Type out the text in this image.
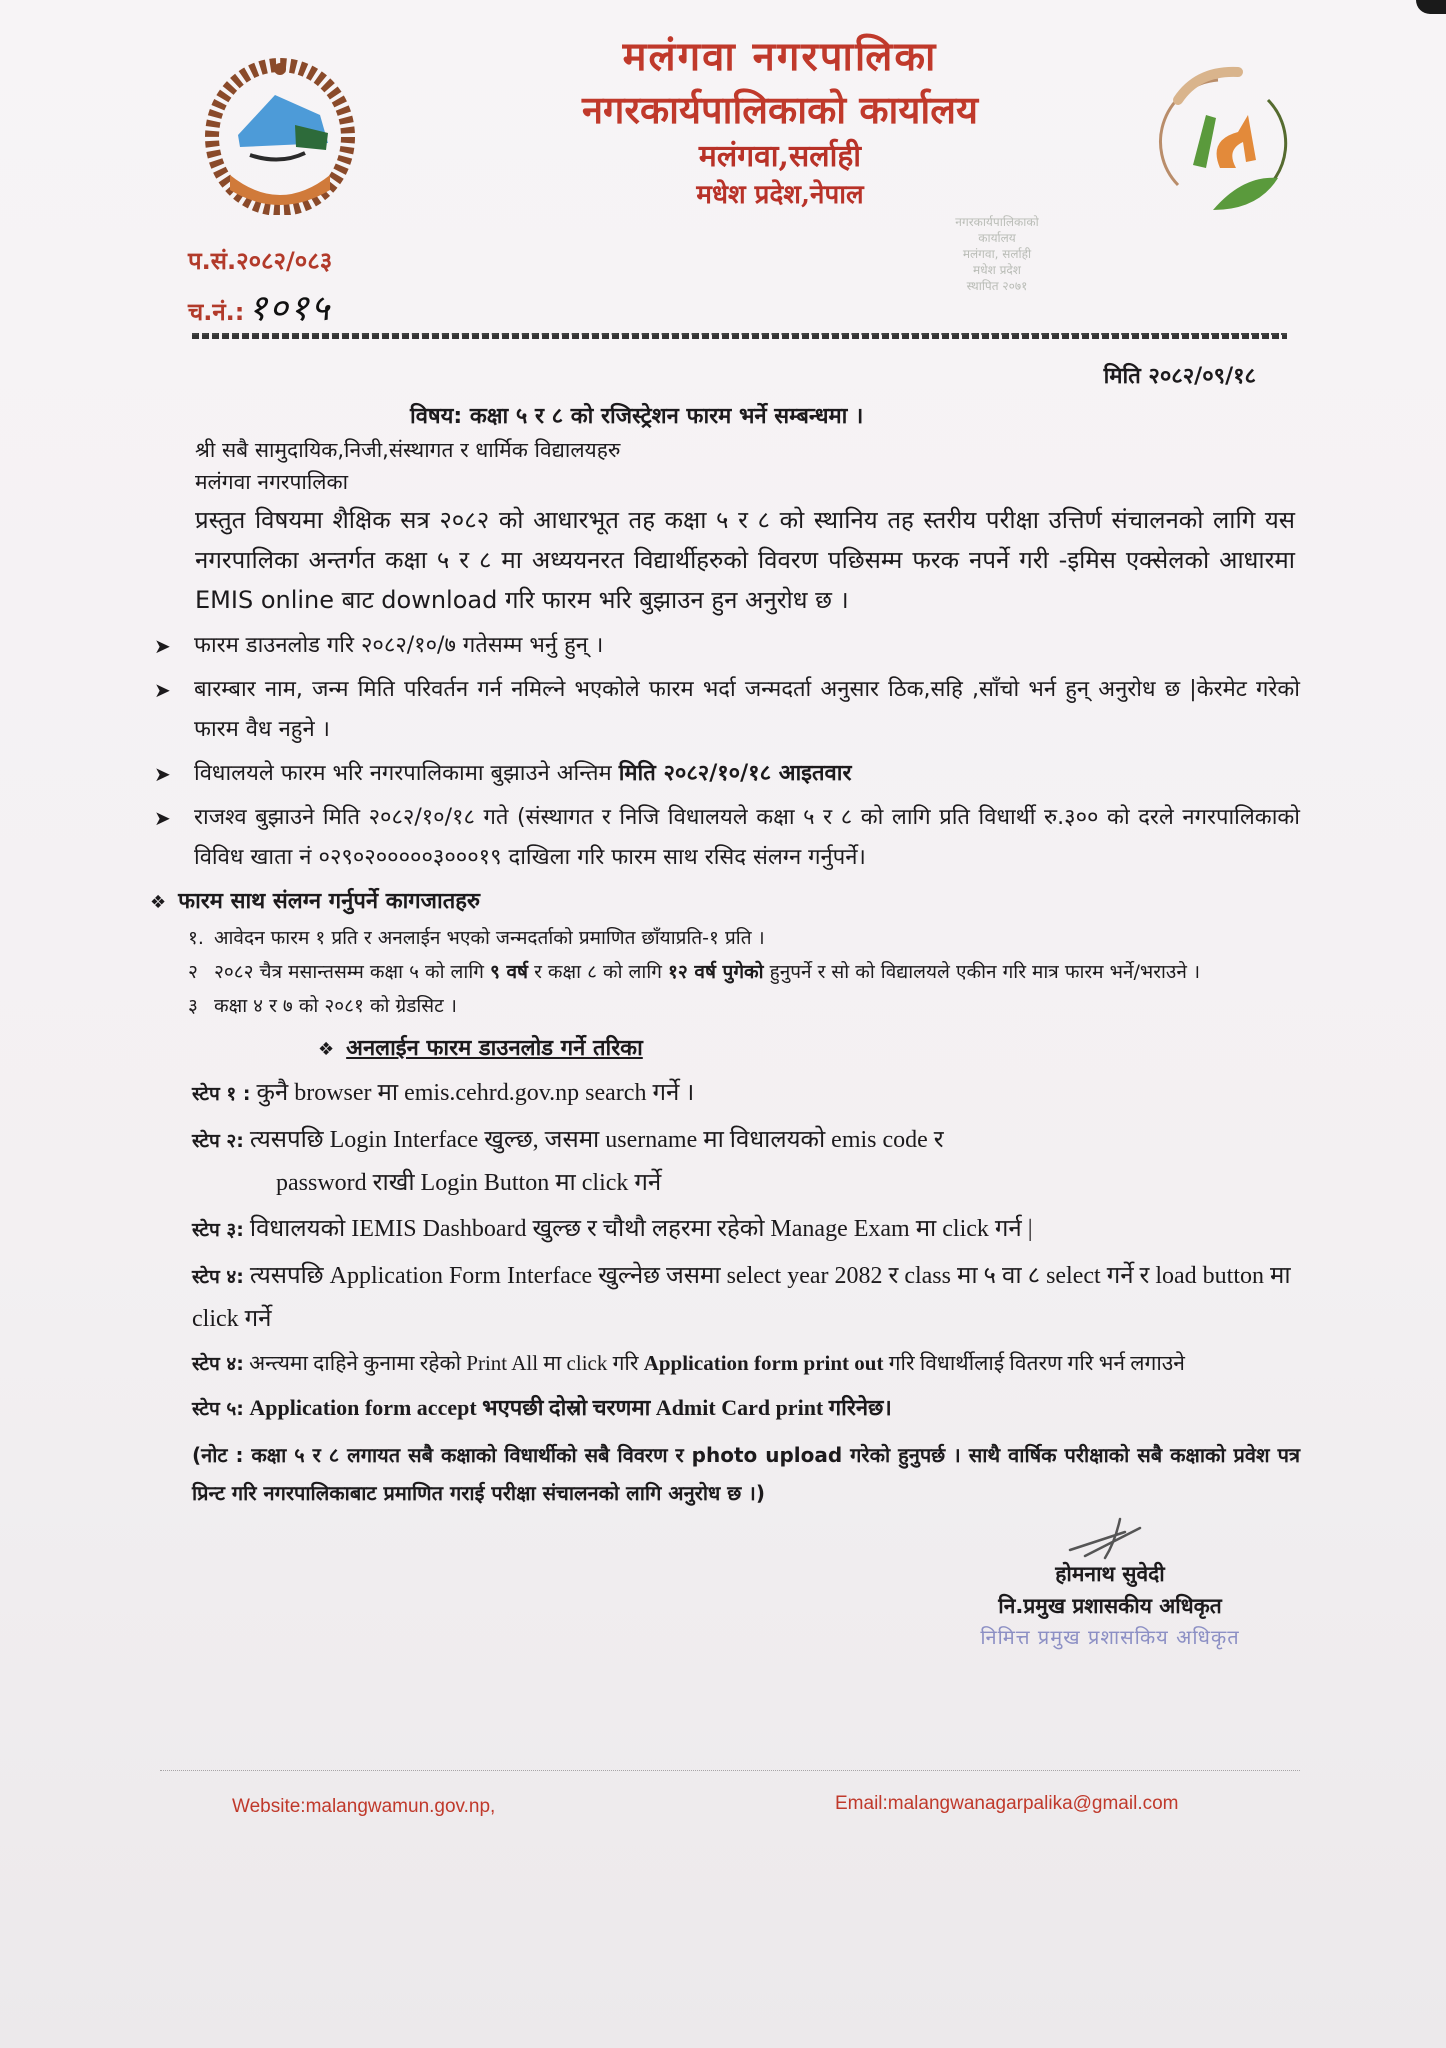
मलंगवा नगरपालिका
नगरकार्यपालिकाको कार्यालय
मलंगवा,सर्लाही
मधेश प्रदेश,नेपाल
नगरकार्यपालिकाको
कार्यालय
मलंगवा, सर्लाही
मधेश प्रदेश
स्थापित २०७१
प.सं.२०८२/०८३
च.नं.: १०१५
मिति २०८२/०९/१८
विषय: कक्षा ५ र ८ को रजिस्ट्रेशन फारम भर्ने सम्बन्धमा ।
श्री सबै सामुदायिक,निजी,संस्थागत र धार्मिक विद्यालयहरु
मलंगवा नगरपालिका
प्रस्तुत विषयमा शैक्षिक सत्र २०८२ को आधारभूत तह कक्षा ५ र ८ को स्थानिय तह स्तरीय परीक्षा उत्तिर्ण संचालनको लागि यस नगरपालिका अन्तर्गत कक्षा ५ र ८ मा अध्ययनरत विद्यार्थीहरुको विवरण पछिसम्म फरक नपर्ने गरी -इमिस एक्सेलको आधारमा EMIS online बाट download गरि फारम भरि बुझाउन हुन अनुरोध छ ।
➤ फारम डाउनलोड गरि २०८२/१०/७ गतेसम्म भर्नु हुन् ।
➤ बारम्बार नाम, जन्म मिति परिवर्तन गर्न नमिल्ने भएकोले फारम भर्दा जन्मदर्ता अनुसार ठिक,सहि ,साँचो भर्न हुन् अनुरोध छ |केरमेट गरेको फारम वैध नहुने ।
➤ विधालयले फारम भरि नगरपालिकामा बुझाउने अन्तिम मिति २०८२/१०/१८ आइतवार
➤ राजश्व बुझाउने मिति २०८२/१०/१८ गते (संस्थागत र निजि विधालयले कक्षा ५ र ८ को लागि प्रति विधार्थी रु.३०० को दरले नगरपालिकाको विविध खाता नं ०२९०२०००००३०००१९ दाखिला गरि फारम साथ रसिद संलग्न गर्नुपर्ने।
❖ फारम साथ संलग्न गर्नुपर्ने कागजातहरु
१. आवेदन फारम १ प्रति र अनलाईन भएको जन्मदर्ताको प्रमाणित छाँयाप्रति-१ प्रति ।
२ २०८२ चैत्र मसान्तसम्म कक्षा ५ को लागि ९ वर्ष र कक्षा ८ को लागि १२ वर्ष पुगेको हुनुपर्ने र सो को विद्यालयले एकीन गरि मात्र फारम भर्ने/भराउने ।
३ कक्षा ४ र ७ को २०८१ को ग्रेडसिट ।
❖ अनलाईन फारम डाउनलोड गर्ने तरिका
स्टेप १ : कुनै browser मा emis.cehrd.gov.np search गर्ने ।
स्टेप २: त्यसपछि Login Interface खुल्छ, जसमा username मा विधालयको emis code र
password राखी Login Button मा click गर्ने
स्टेप ३: विधालयको IEMIS Dashboard खुल्छ र चौथौ लहरमा रहेको Manage Exam मा click गर्न |
स्टेप ४: त्यसपछि Application Form Interface खुल्नेछ जसमा select year 2082 र class मा ५ वा ८ select गर्ने र load button मा click गर्ने
स्टेप ४: अन्त्यमा दाहिने कुनामा रहेको Print All मा click गरि Application form print out गरि विधार्थीलाई वितरण गरि भर्न लगाउने
स्टेप ५: Application form accept भएपछी दोस्रो चरणमा Admit Card print गरिनेछ।
(नोट : कक्षा ५ र ८ लगायत सबै कक्षाको विधार्थीको सबै विवरण र photo upload गरेको हुनुपर्छ । साथै वार्षिक परीक्षाको सबै कक्षाको प्रवेश पत्र प्रिन्ट गरि नगरपालिकाबाट प्रमाणित गराई परीक्षा संचालनको लागि अनुरोध छ ।)
होमनाथ सुवेदी
नि.प्रमुख प्रशासकीय अधिकृत
निमित्त प्रमुख प्रशासकिय अधिकृत
Website:malangwamun.gov.np,	Email:malangwanagarpalika@gmail.com
